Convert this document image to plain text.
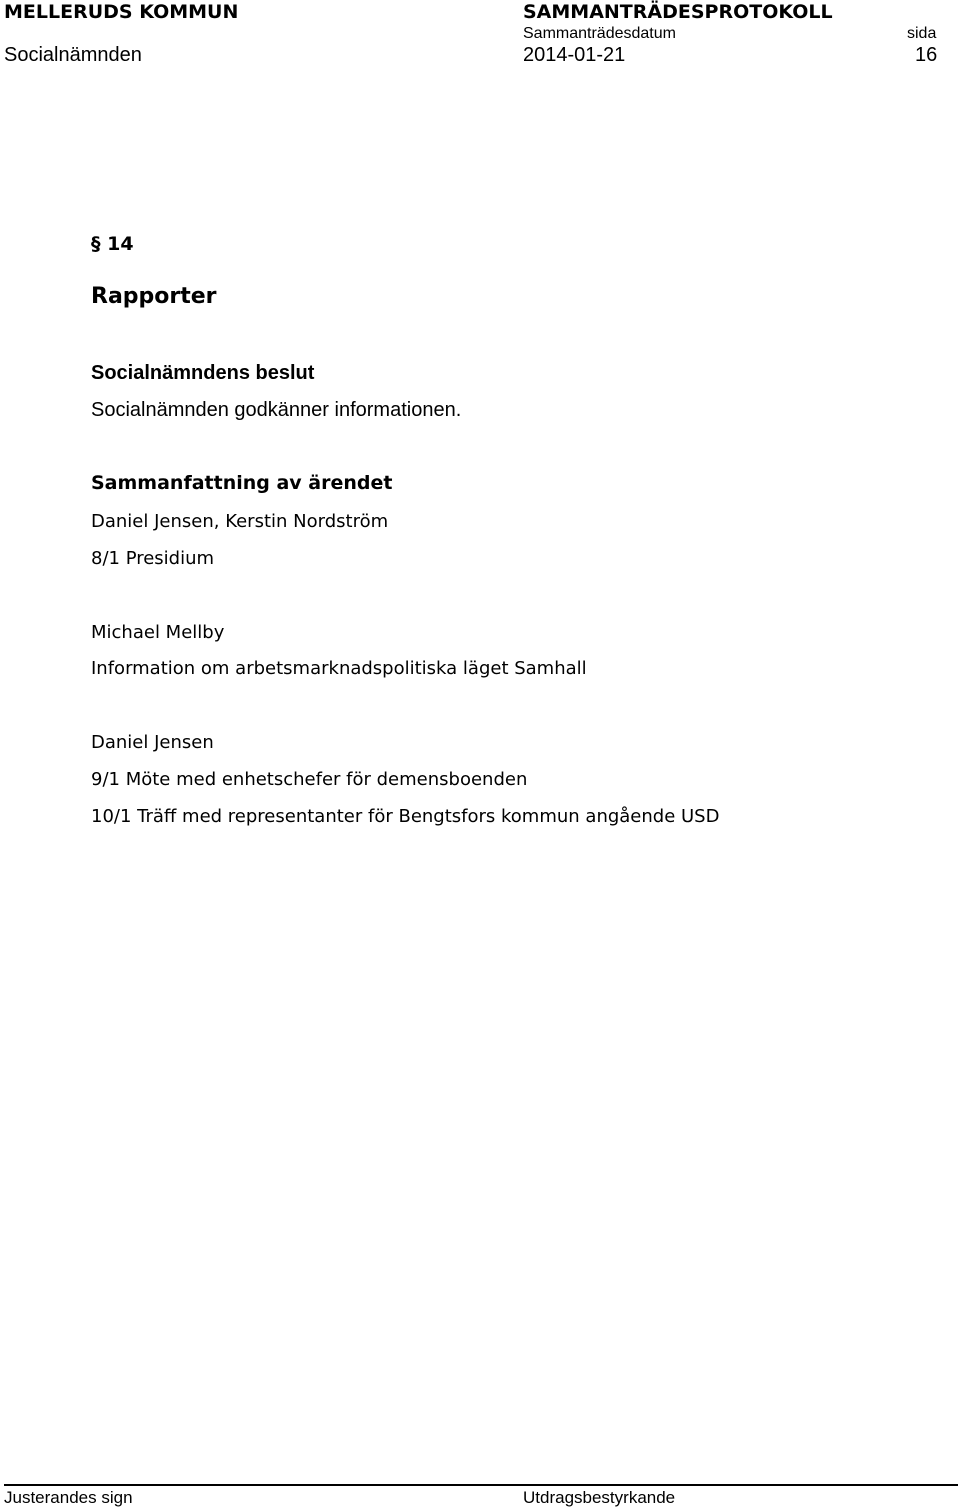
MELLERUDS KOMMUN	SAMMANTRÄDESPROTOKOLL
Sammanträdesdatum	sida
Socialnämnden	2014-01-21	16
§ 14
Rapporter
Socialnämndens beslut
Socialnämnden godkänner informationen.
Sammanfattning av ärendet
Daniel Jensen, Kerstin Nordström
8/1 Presidium
Michael Mellby
Information om arbetsmarknadspolitiska läget Samhall
Daniel Jensen
9/1 Möte med enhetschefer för demensboenden
10/1 Träff med representanter för Bengtsfors kommun angående USD
Justerandes sign	Utdragsbestyrkande
